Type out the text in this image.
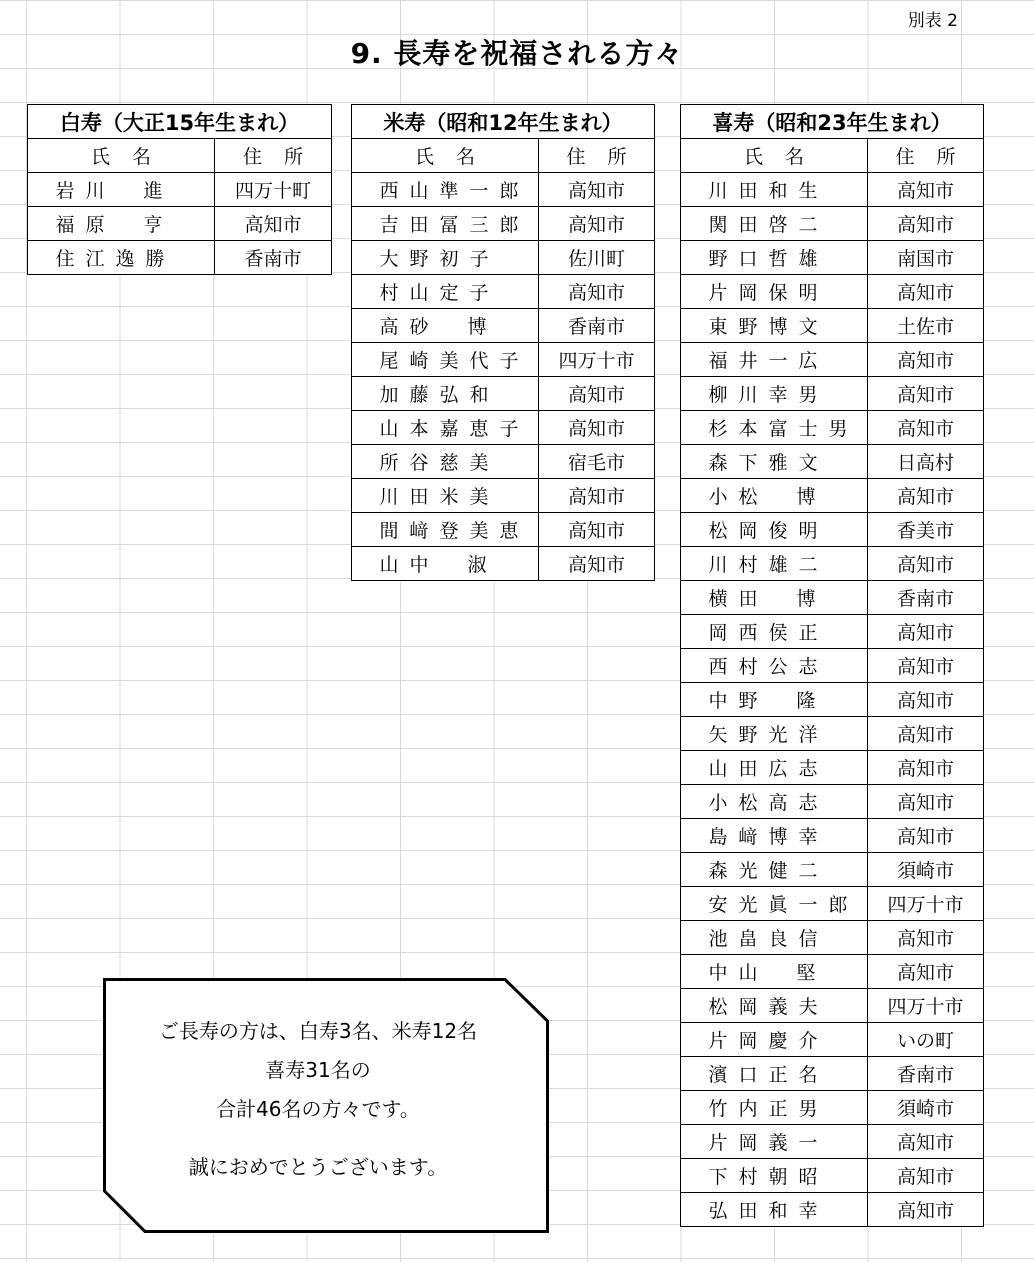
別表 2
9. 長寿を祝福される方々
白寿（大正15年生まれ）	
氏名	住所
岩 川　 進	四万十町
福 原　 亨	高知市
住 江 逸 勝	香南市
米寿（昭和12年生まれ）	
氏名	住所
西 山 準 一 郎	高知市
吉 田 冨 三 郎	高知市
大 野 初 子	佐川町
村 山 定 子	高知市
高 砂　 博	香南市
尾 崎 美 代 子	四万十市
加 藤 弘 和	高知市
山 本 嘉 恵 子	高知市
所 谷 慈 美	宿毛市
川 田 米 美	高知市
間 﨑 登 美 恵	高知市
山 中　 淑	高知市
喜寿（昭和23年生まれ）	
氏名	住所
川 田 和 生	高知市
関 田 啓 二	高知市
野 口 哲 雄	南国市
片 岡 保 明	高知市
東 野 博 文	土佐市
福 井 一 広	高知市
柳 川 幸 男	高知市
杉 本 富 士 男	高知市
森 下 雅 文	日高村
小 松　 博	高知市
松 岡 俊 明	香美市
川 村 雄 二	高知市
横 田　 博	香南市
岡 西 侯 正	高知市
西 村 公 志	高知市
中 野　 隆	高知市
矢 野 光 洋	高知市
山 田 広 志	高知市
小 松 高 志	高知市
島 﨑 博 幸	高知市
森 光 健 二	須崎市
安 光 眞 一 郎	四万十市
池 畠 良 信	高知市
中 山　 堅	高知市
松 岡 義 夫	四万十市
片 岡 慶 介	いの町
濱 口 正 名	香南市
竹 内 正 男	須崎市
片 岡 義 一	高知市
下 村 朝 昭	高知市
弘 田 和 幸	高知市
ご長寿の方は、白寿3名、米寿12名
喜寿31名の
合計46名の方々です。
誠におめでとうございます。
